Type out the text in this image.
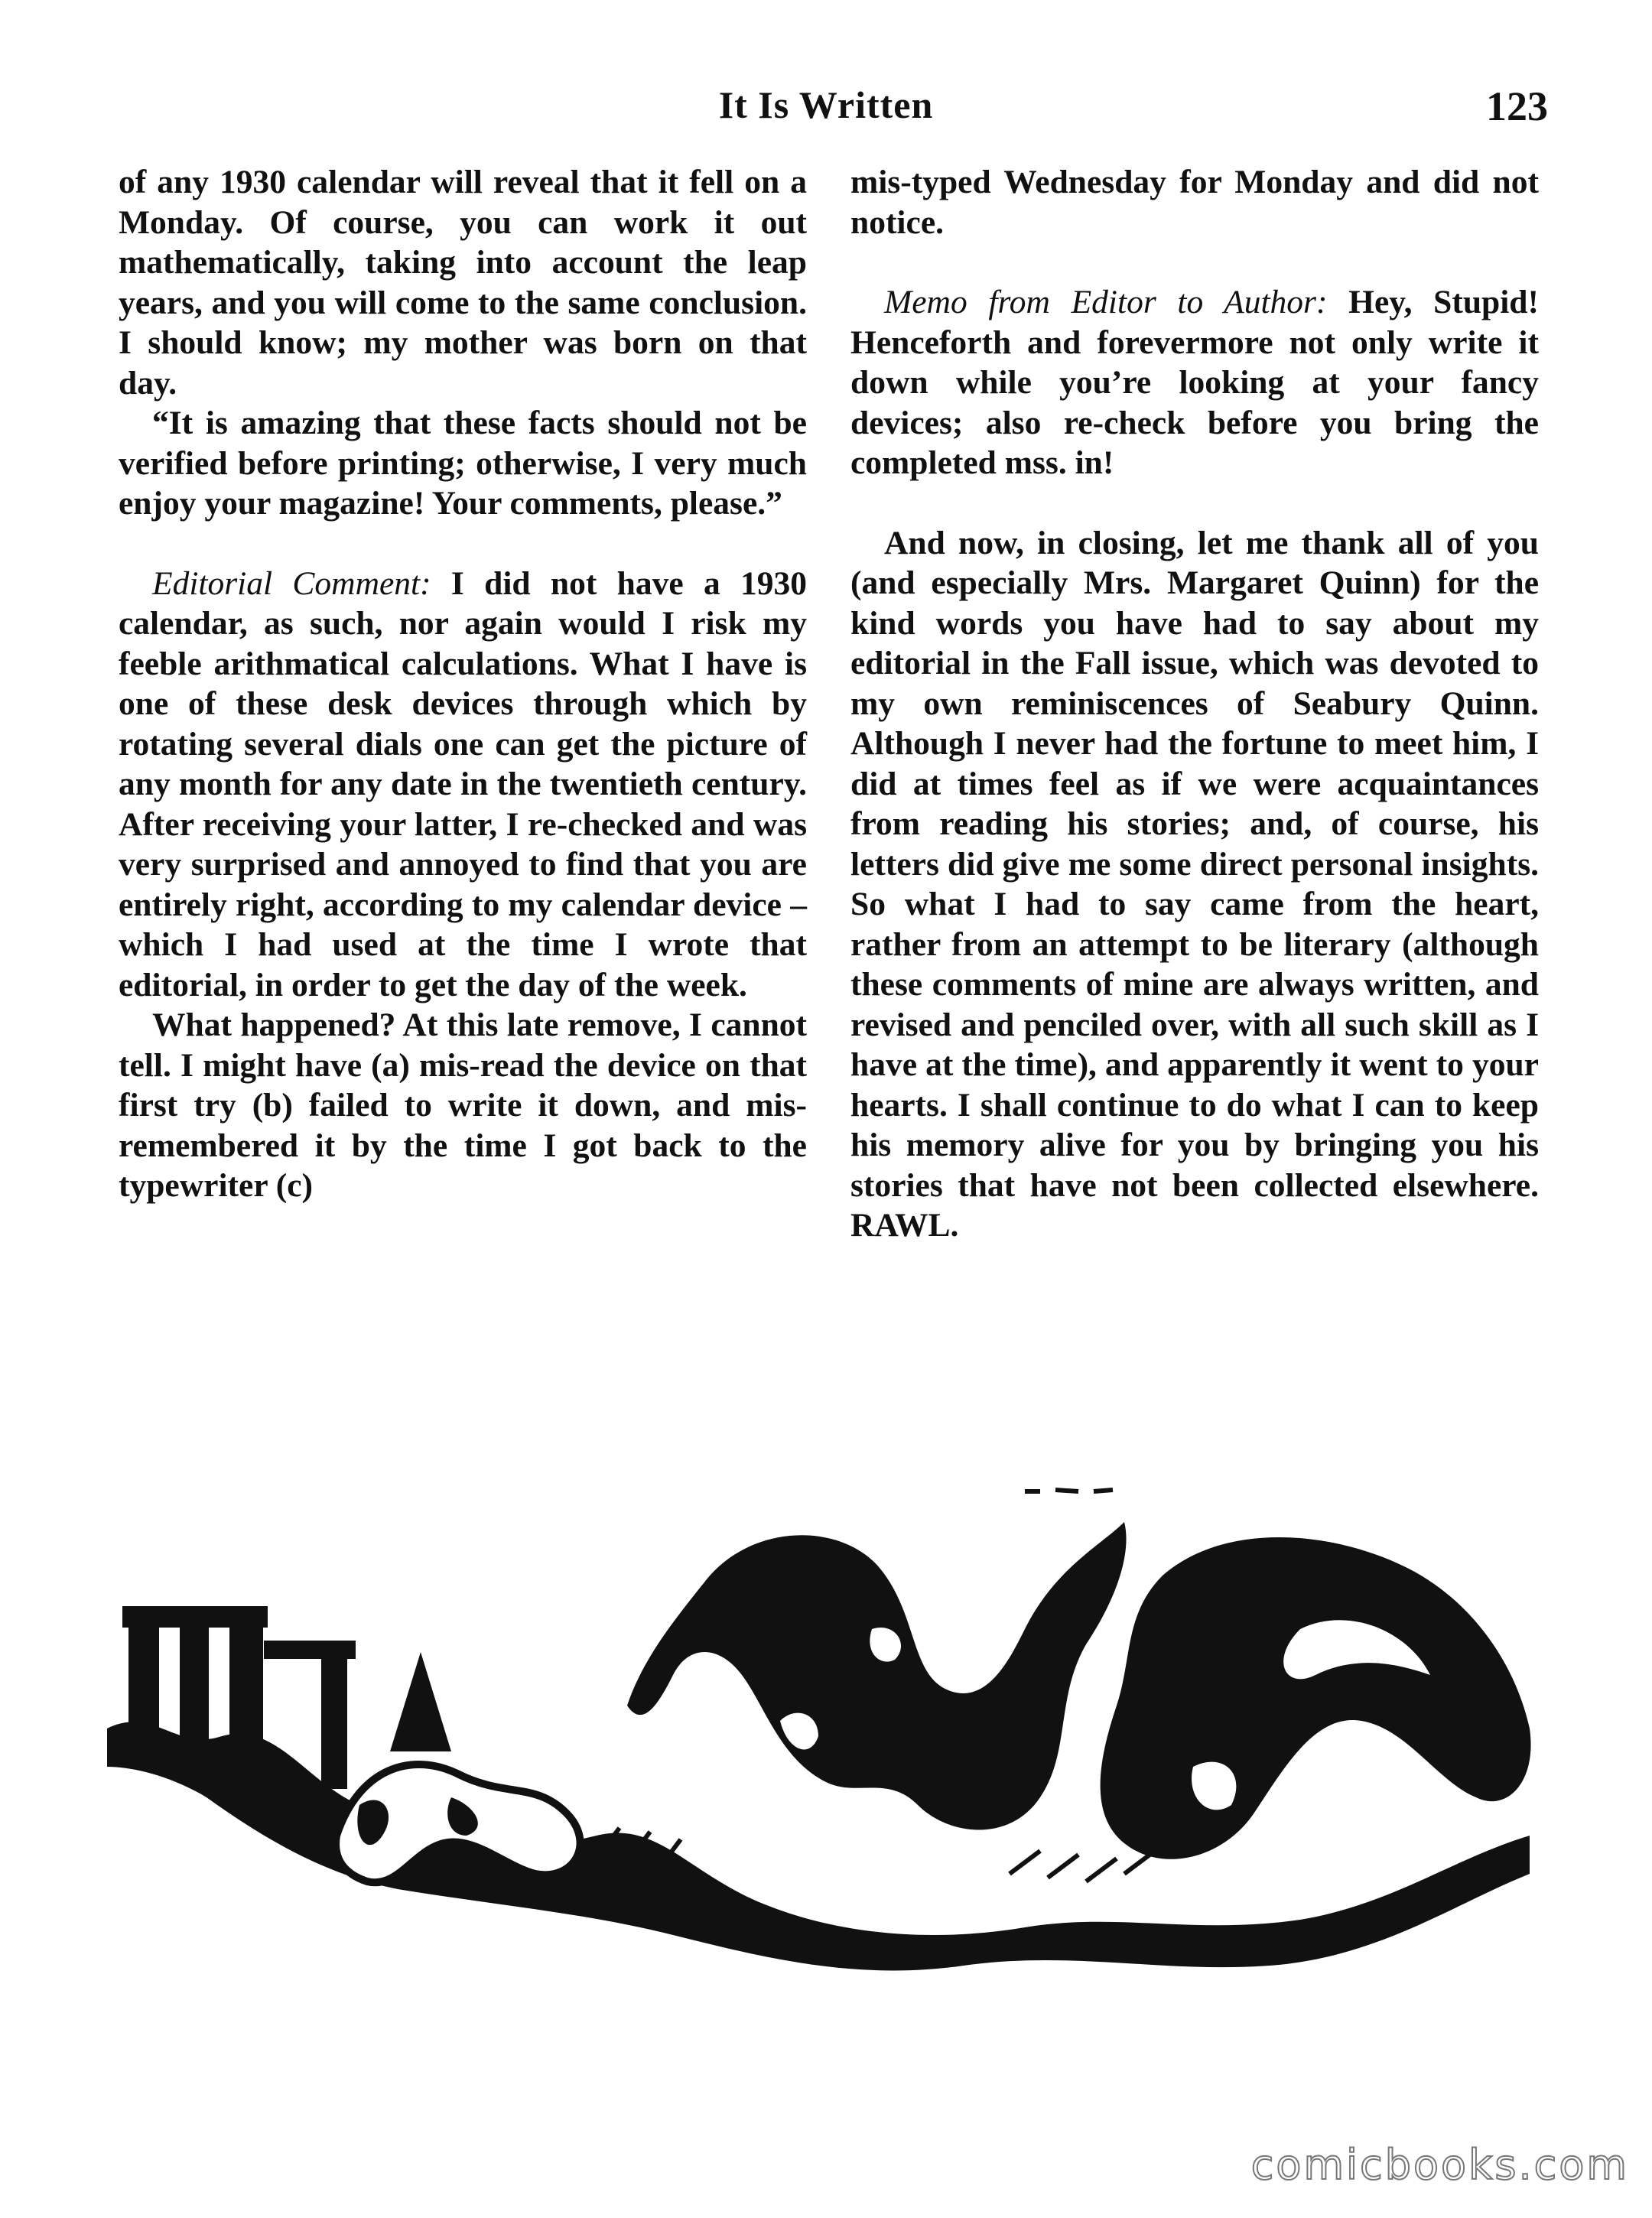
It Is Written	123

of any 1930 calendar will reveal that it fell on a Monday. Of course, you can work it out mathematically, taking into account the leap years, and you will come to the same conclusion. I should know; my mother was born on that day.

“It is amazing that these facts should not be verified before printing; otherwise, I very much enjoy your magazine! Your comments, please.”

Editorial Comment: I did not have a 1930 calendar, as such, nor again would I risk my feeble arithmatical calculations. What I have is one of these desk devices through which by rotating several dials one can get the picture of any month for any date in the twentieth century. After receiving your latter, I re-checked and was very surprised and annoyed to find that you are entirely right, according to my calendar device – which I had used at the time I wrote that editorial, in order to get the day of the week.

What happened? At this late remove, I cannot tell. I might have (a) mis-read the device on that first try (b) failed to write it down, and mis-remembered it by the time I got back to the typewriter (c)

mis-typed Wednesday for Monday and did not notice.

Memo from Editor to Author: Hey, Stupid! Henceforth and forevermore not only write it down while you’re looking at your fancy devices; also re-check before you bring the completed mss. in!

And now, in closing, let me thank all of you (and especially Mrs. Margaret Quinn) for the kind words you have had to say about my editorial in the Fall issue, which was devoted to my own reminiscences of Seabury Quinn. Although I never had the fortune to meet him, I did at times feel as if we were acquaintances from reading his stories; and, of course, his letters did give me some direct personal insights. So what I had to say came from the heart, rather from an attempt to be literary (although these comments of mine are always written, and revised and penciled over, with all such skill as I have at the time), and apparently it went to your hearts. I shall continue to do what I can to keep his memory alive for you by bringing you his stories that have not been collected elsewhere. RAWL.

comicbooks.com
